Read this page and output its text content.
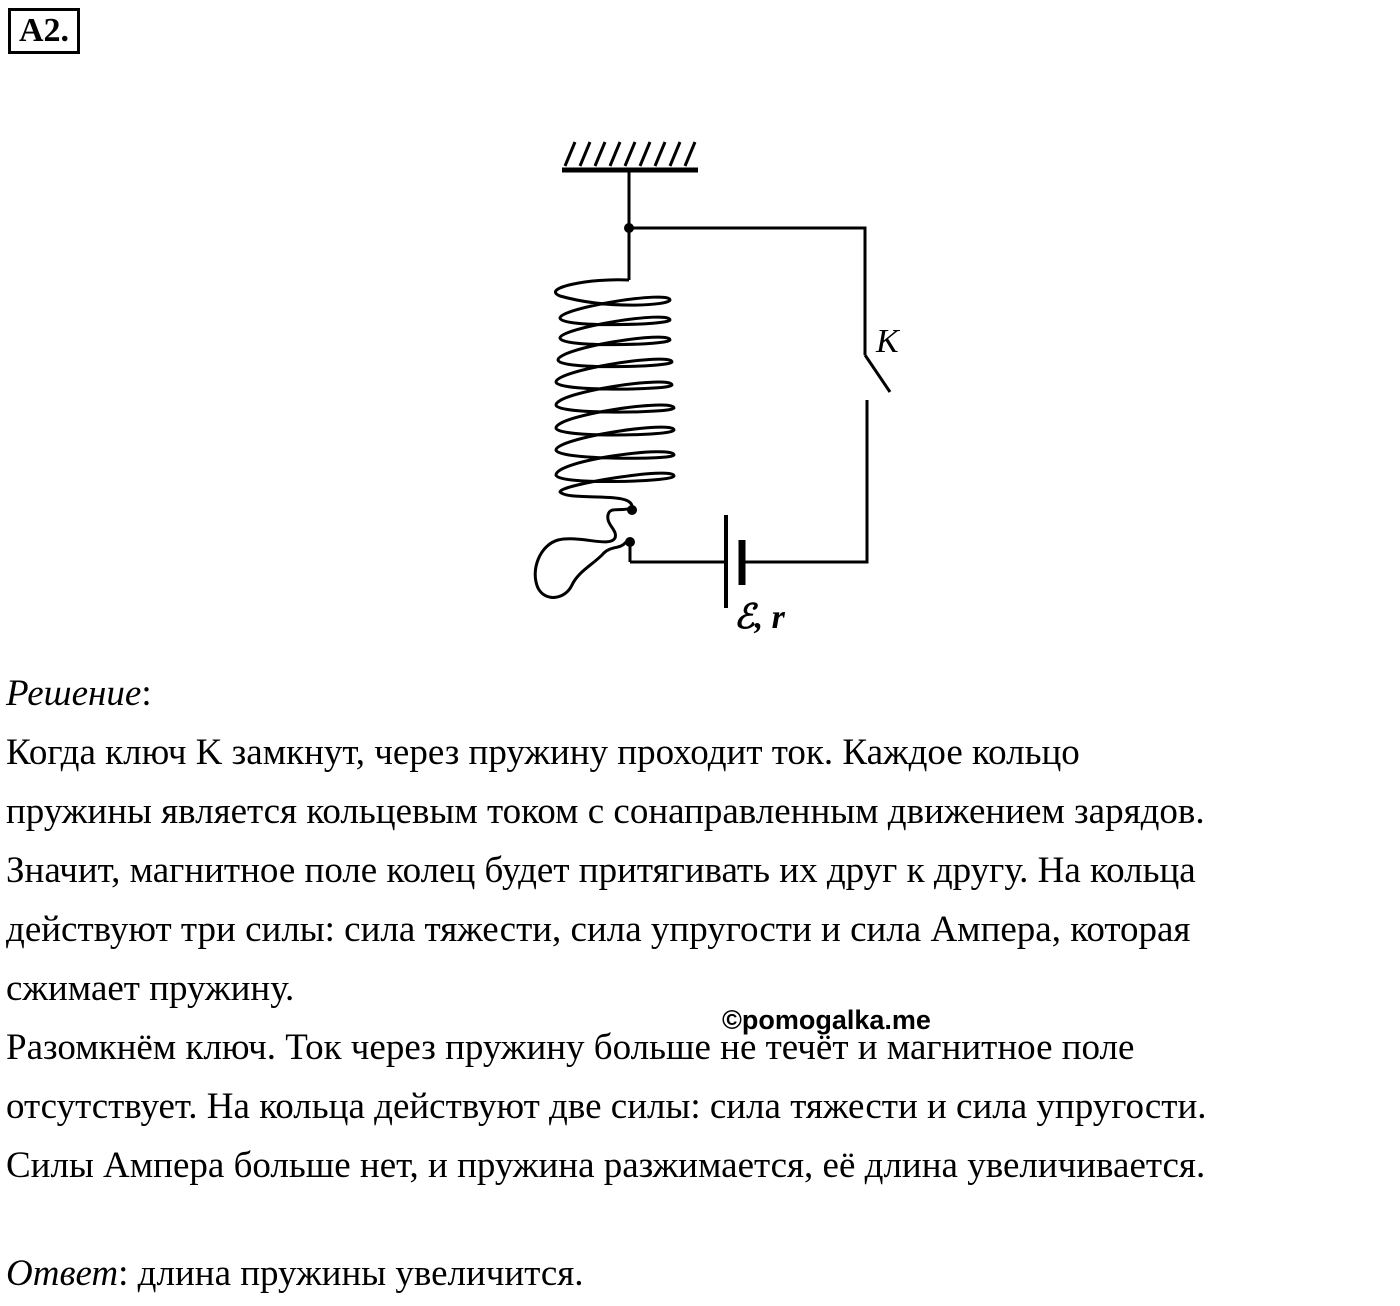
A2.
K
ℰ, r

Решение:

Когда ключ K замкнут, через пружину проходит ток. Каждое кольцо

пружины является кольцевым током с сонаправленным движением зарядов.

Значит, магнитное поле колец будет притягивать их друг к другу. На кольца

действуют три силы: сила тяжести, сила упругости и сила Ампера, которая

сжимает пружину.

Разомкнём ключ. Ток через пружину больше не течёт и магнитное поле

отсутствует. На кольца действуют две силы: сила тяжести и сила упругости.

Силы Ампера больше нет, и пружина разжимается, её длина увеличивается.

©pomogalka.me
Ответ: длина пружины увеличится.
